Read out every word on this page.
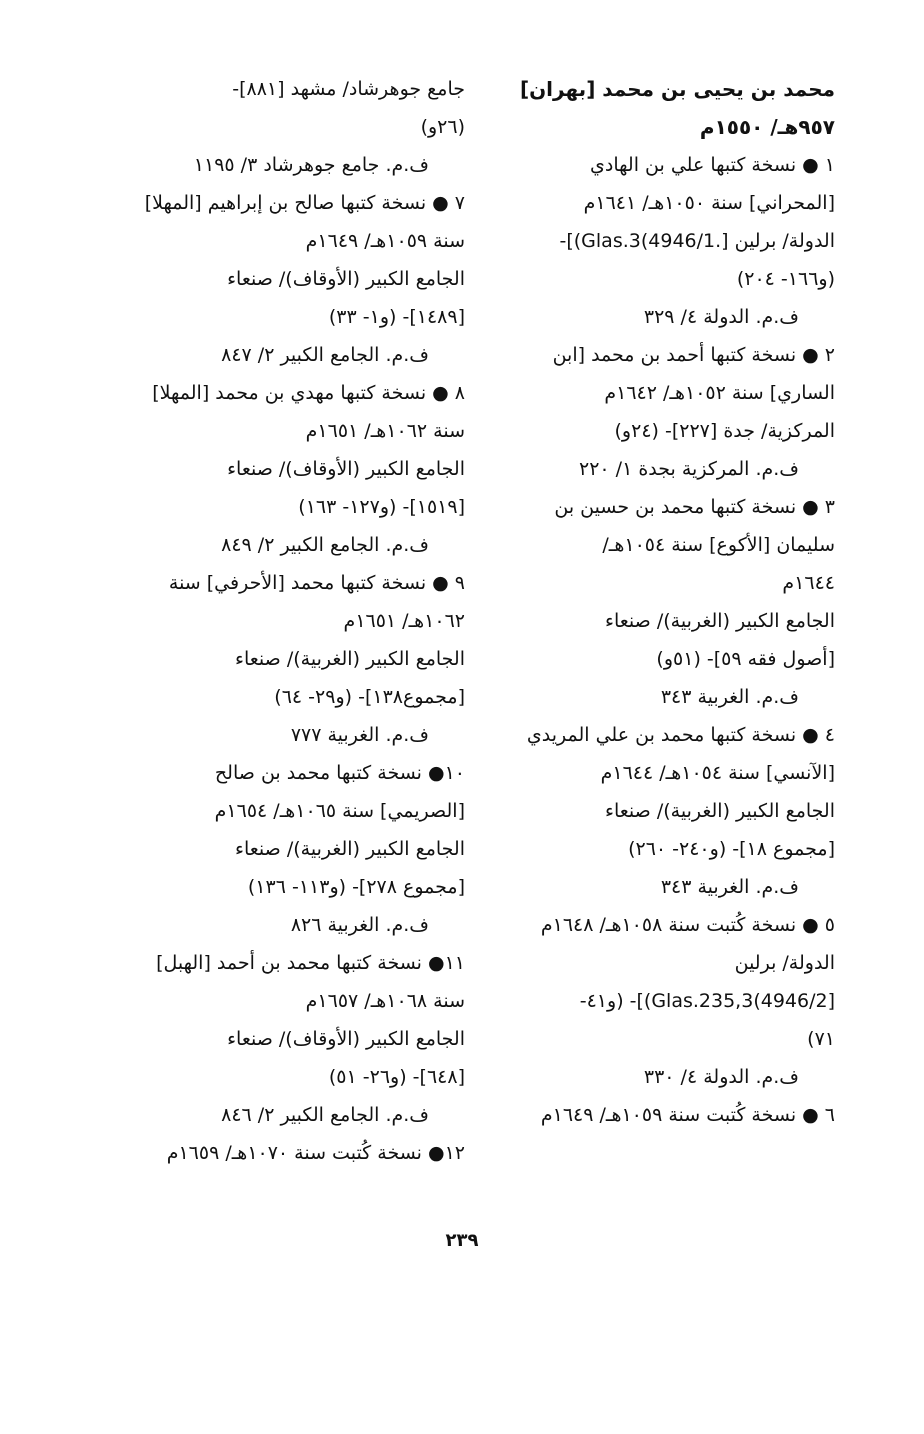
محمد بن يحيى بن محمد [بهران]
٩٥٧هـ/ ١٥٥٠م
١ ● نسخة كتبها علي بن الهادي
[المحراني] سنة ١٠٥٠هـ/ ١٦٤١م
الدولة/ برلين [.4946/1)Glas.3)]-
(و١٦٦- ٢٠٤)
ف.م. الدولة ٤/ ٣٢٩
٢ ● نسخة كتبها أحمد بن محمد [ابن
الساري] سنة ١٠٥٢هـ/ ١٦٤٢م
المركزية/ جدة [٢٢٧]- (٢٤و)
ف.م. المركزية بجدة ١/ ٢٢٠
٣ ● نسخة كتبها محمد بن حسين بن
سليمان [الأكوع] سنة ١٠٥٤هـ/
١٦٤٤م
الجامع الكبير (الغربية)/ صنعاء
[أصول فقه ٥٩]- (٥١و)
ف.م. الغربية ٣٤٣
٤ ● نسخة كتبها محمد بن علي المريدي
[الآنسي] سنة ١٠٥٤هـ/ ١٦٤٤م
الجامع الكبير (الغربية)/ صنعاء
[مجموع ١٨]- (و٢٤٠- ٢٦٠)
ف.م. الغربية ٣٤٣
٥ ● نسخة كُتبت سنة ١٠٥٨هـ/ ١٦٤٨م
الدولة/ برلين
[4946/2)Glas.235,3)]- (و٤١-
٧١)
ف.م. الدولة ٤/ ٣٣٠
٦ ● نسخة كُتبت سنة ١٠٥٩هـ/ ١٦٤٩م
جامع جوهرشاد/ مشهد [٨٨١]-
(٢٦و)
ف.م. جامع جوهرشاد ٣/ ١١٩٥
٧ ● نسخة كتبها صالح بن إبراهيم [المهلا]
سنة ١٠٥٩هـ/ ١٦٤٩م
الجامع الكبير (الأوقاف)/ صنعاء
[١٤٨٩]- (و١- ٣٣)
ف.م. الجامع الكبير ٢/ ٨٤٧
٨ ● نسخة كتبها مهدي بن محمد [المهلا]
سنة ١٠٦٢هـ/ ١٦٥١م
الجامع الكبير (الأوقاف)/ صنعاء
[١٥١٩]- (و١٢٧- ١٦٣)
ف.م. الجامع الكبير ٢/ ٨٤٩
٩ ● نسخة كتبها محمد [الأحرفي] سنة
١٠٦٢هـ/ ١٦٥١م
الجامع الكبير (الغربية)/ صنعاء
[مجموع١٣٨]- (و٢٩- ٦٤)
ف.م. الغربية ٧٧٧
١٠● نسخة كتبها محمد بن صالح
[الصريمي] سنة ١٠٦٥هـ/ ١٦٥٤م
الجامع الكبير (الغربية)/ صنعاء
[مجموع ٢٧٨]- (و١١٣- ١٣٦)
ف.م. الغربية ٨٢٦
١١● نسخة كتبها محمد بن أحمد [الهبل]
سنة ١٠٦٨هـ/ ١٦٥٧م
الجامع الكبير (الأوقاف)/ صنعاء
[٦٤٨]- (و٢٦- ٥١)
ف.م. الجامع الكبير ٢/ ٨٤٦
١٢● نسخة كُتبت سنة ١٠٧٠هـ/ ١٦٥٩م
٢٣٩
